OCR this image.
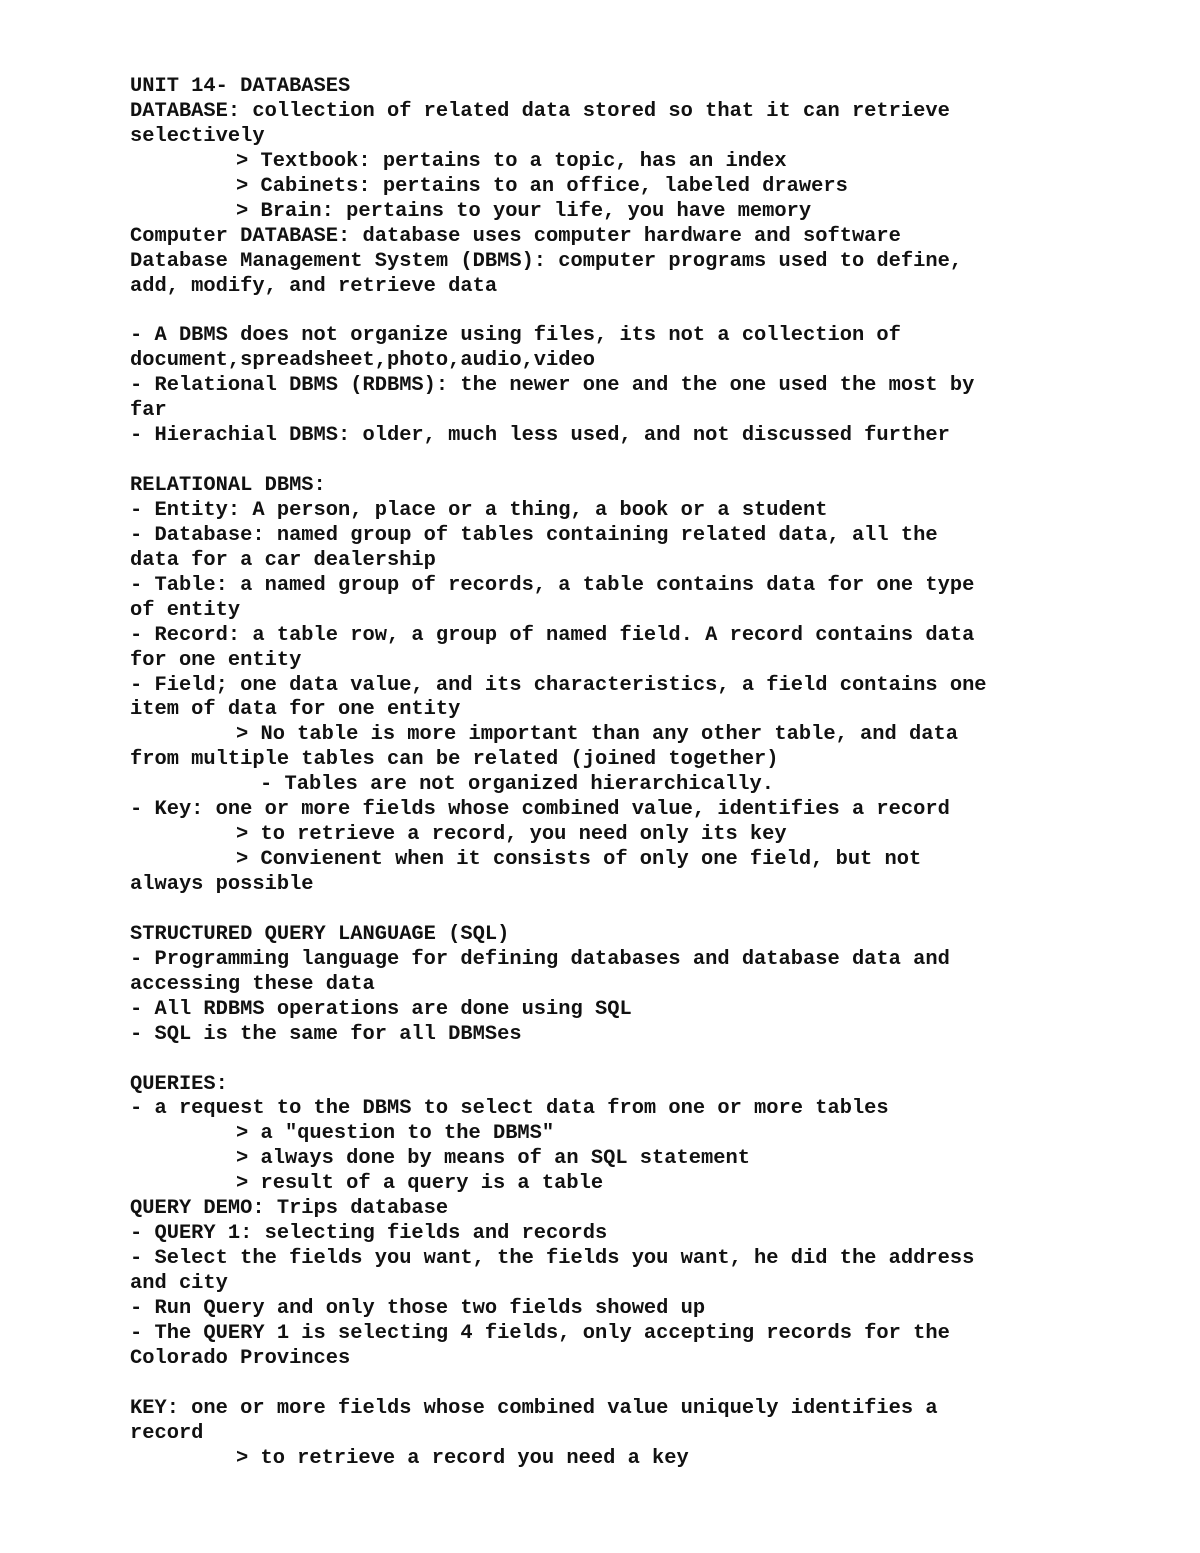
UNIT 14- DATABASES
DATABASE: collection of related data stored so that it can retrieve
selectively
> Textbook: pertains to a topic, has an index
> Cabinets: pertains to an office, labeled drawers
> Brain: pertains to your life, you have memory
Computer DATABASE: database uses computer hardware and software
Database Management System (DBMS): computer programs used to define,
add, modify, and retrieve data
- A DBMS does not organize using files, its not a collection of
document,spreadsheet,photo,audio,video
- Relational DBMS (RDBMS): the newer one and the one used the most by
far
- Hierachial DBMS: older, much less used, and not discussed further
RELATIONAL DBMS:
- Entity: A person, place or a thing, a book or a student
- Database: named group of tables containing related data, all the
data for a car dealership
- Table: a named group of records, a table contains data for one type
of entity
- Record: a table row, a group of named field. A record contains data
for one entity
- Field; one data value, and its characteristics, a field contains one
item of data for one entity
> No table is more important than any other table, and data
from multiple tables can be related (joined together)
- Tables are not organized hierarchically.
- Key: one or more fields whose combined value, identifies a record
> to retrieve a record, you need only its key
> Convienent when it consists of only one field, but not
always possible
STRUCTURED QUERY LANGUAGE (SQL)
- Programming language for defining databases and database data and
accessing these data
- All RDBMS operations are done using SQL
- SQL is the same for all DBMSes
QUERIES:
- a request to the DBMS to select data from one or more tables
> a "question to the DBMS"
> always done by means of an SQL statement
> result of a query is a table
QUERY DEMO: Trips database
- QUERY 1: selecting fields and records
- Select the fields you want, the fields you want, he did the address
and city
- Run Query and only those two fields showed up
- The QUERY 1 is selecting 4 fields, only accepting records for the
Colorado Provinces
KEY: one or more fields whose combined value uniquely identifies a
record
> to retrieve a record you need a key
